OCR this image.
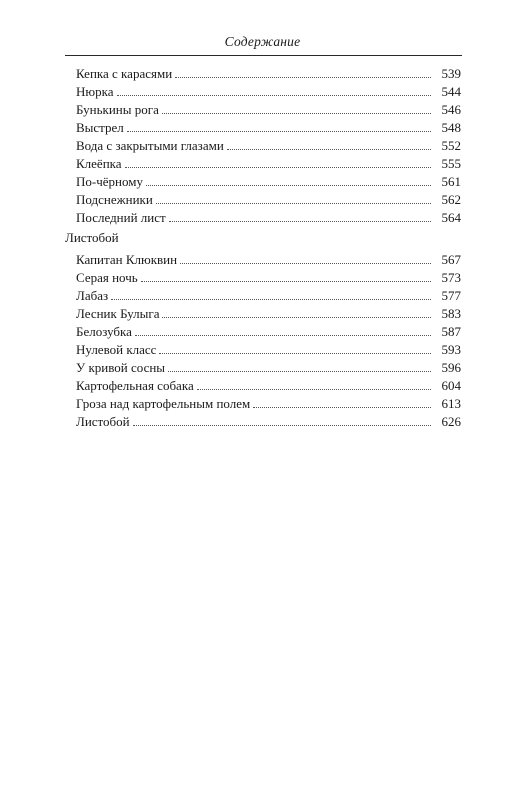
Содержание
Кепка с карасями	539
Нюрка	544
Бунькины рога	546
Выстрел	548
Вода с закрытыми глазами	552
Клеёпка	555
По-чёрному	561
Подснежники	562
Последний лист	564
Листобой
Капитан Клюквин	567
Серая ночь	573
Лабаз	577
Лесник Булыга	583
Белозубка	587
Нулевой класс	593
У кривой сосны	596
Картофельная собака	604
Гроза над картофельным полем	613
Листобой	626
